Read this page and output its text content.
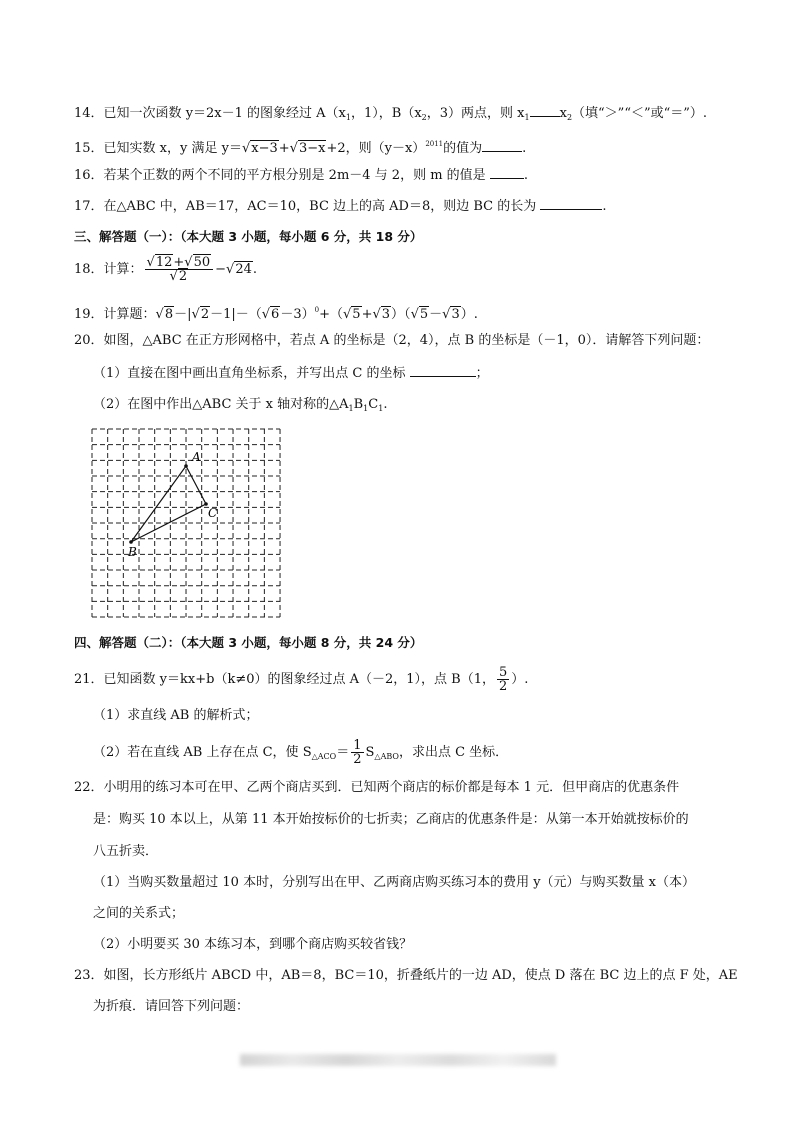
14．已知一次函数 y＝2x－1 的图象经过 $A(x_1$，1），$B(x_2$，3）两点，则 $x_1$ $x_2$（填“＞”“＜”或“＝”）.
15．已知实数 x，y 满足 y＝√x−3+√3−x+2，则$(y-x)^{2011}$的值为	.
16．若某个正数的两个不同的平方根分别是 2m－4 与 2，则 m 的值是	.
17．在△ABC 中，AB＝17，AC＝10，BC 边上的高 AD＝8，则边 BC 的长为	.
三、解答题（一）：（本大题 3 小题，每小题 6 分，共 18 分）
18．计算： $\frac{√12+√50}{√2} -√24$.
19．计算题：$√8-|√2-1|-(√6-3)^0+(√5+√3)(√5-√3)$.
20．如图，△ABC 在正方形网格中，若点 A 的坐标是（2，4），点 B 的坐标是（－1，0）．请解答下列问题：
（1）直接在图中画出直角坐标系，并写出点 C 的坐标	；
（2）在图中作出△ABC 关于 x 轴对称的$\triangle A_1B_1C_1$.
A
B
C
四、解答题（二）：（本大题 3 小题，每小题 8 分，共 24 分）
21．已知函数 y＝kx+b（k≠0）的图象经过点 A（－2，1），点 B（1， $\frac{5}{2}$ ）.
（1）求直线 AB 的解析式；
（2）若在直线 AB 上存在点 C，使 $S_{\triangle ACO}= \frac{1}{2} S_{\triangle ABO}$，求出点 C 坐标．
22．小明用的练习本可在甲、乙两个商店买到．已知两个商店的标价都是每本 1 元．但甲商店的优惠条件
是：购买 10 本以上，从第 11 本开始按标价的七折卖；乙商店的优惠条件是：从第一本开始就按标价的
八五折卖．
（1）当购买数量超过 10 本时，分别写出在甲、乙两商店购买练习本的费用 y（元）与购买数量 x（本）
之间的关系式；
（2）小明要买 30 本练习本，到哪个商店购买较省钱？
23．如图，长方形纸片 ABCD 中，AB＝8，BC＝10，折叠纸片的一边 AD，使点 D 落在 BC 边上的点 F 处，AE
为折痕．请回答下列问题：
